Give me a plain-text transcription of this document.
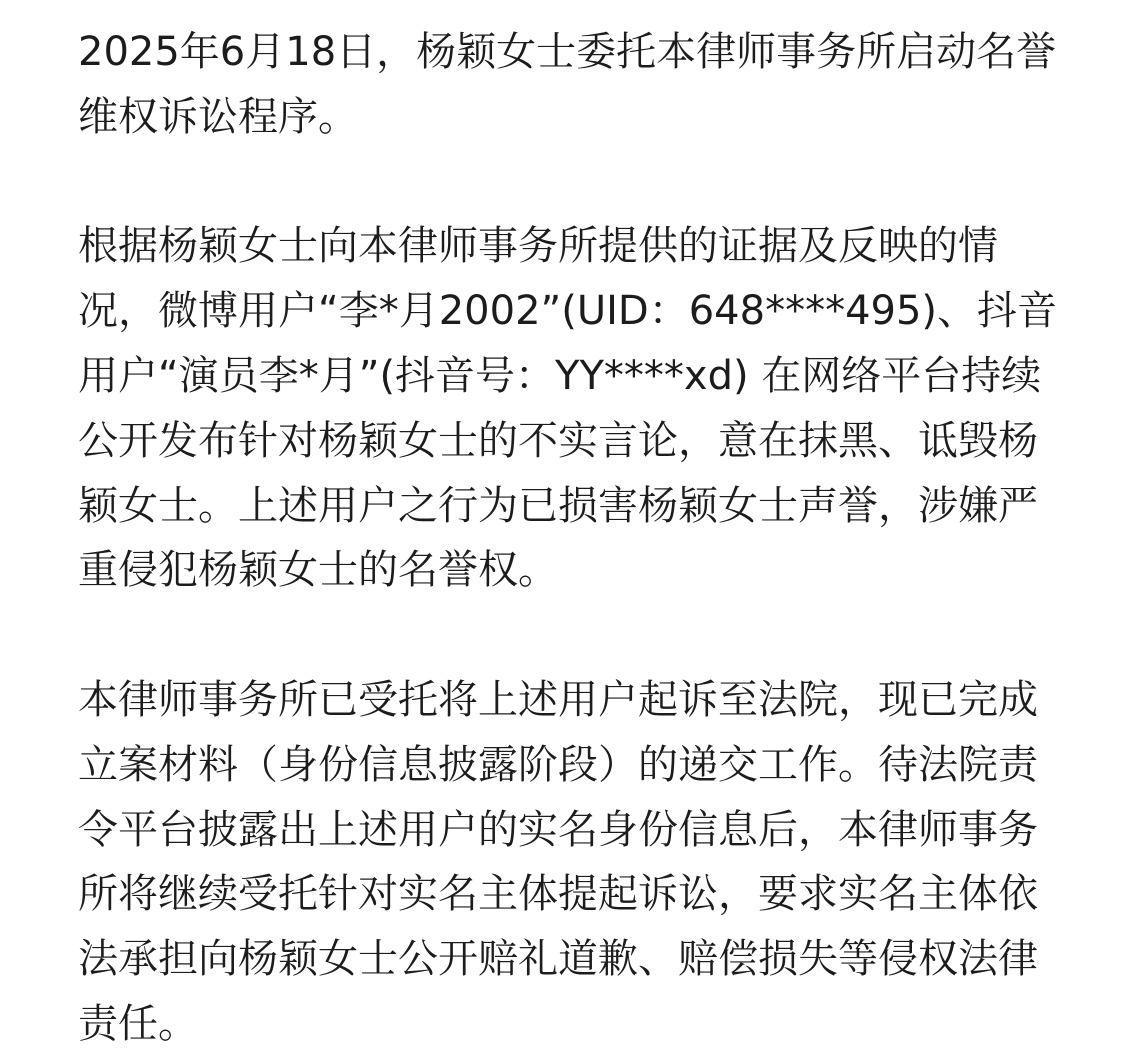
2025年6月18日，杨颖女士委托本律师事务所启动名誉
维权诉讼程序。
根据杨颖女士向本律师事务所提供的证据及反映的情
况，微博用户“李*月2002”(UID：648****495)、抖音
用户“演员李*月”(抖音号：YY****xd) 在网络平台持续
公开发布针对杨颖女士的不实言论，意在抹黑、诋毁杨
颖女士。上述用户之行为已损害杨颖女士声誉，涉嫌严
重侵犯杨颖女士的名誉权。
本律师事务所已受托将上述用户起诉至法院，现已完成
立案材料（身份信息披露阶段）的递交工作。待法院责
令平台披露出上述用户的实名身份信息后，本律师事务
所将继续受托针对实名主体提起诉讼，要求实名主体依
法承担向杨颖女士公开赔礼道歉、赔偿损失等侵权法律
责任。
